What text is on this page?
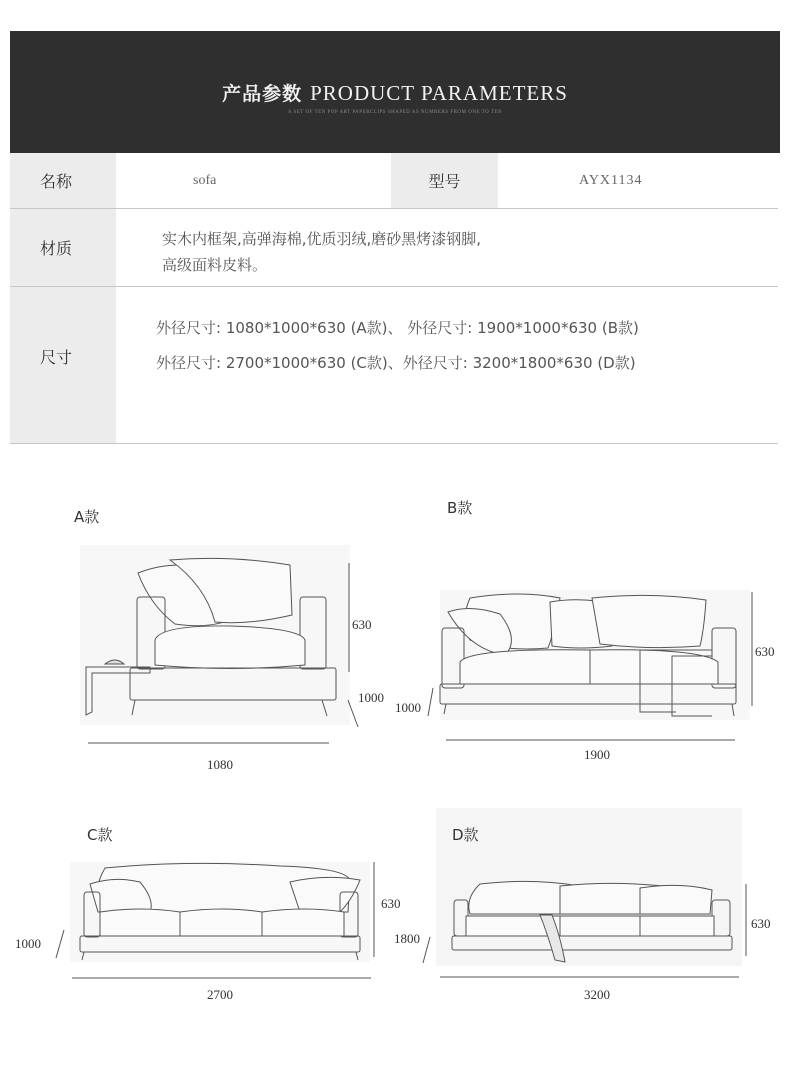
产品参数 PRODUCT PARAMETERS
A SET OF TEN POP ART PAPERCLIPS SHAPED AS NUMBERS FROM ONE TO TEN
名称	sofa	型号	AYX1134
材质	实木内框架,高弹海棉,优质羽绒,磨砂黑烤漆钢脚,
高级面料皮料。
尺寸
外径尺寸: 1080*1000*630 (A款)、 外径尺寸: 1900*1000*630 (B款)
外径尺寸: 2700*1000*630 (C款)、外径尺寸: 3200*1800*630 (D款)
A款
630
1000
1080
B款
630
1000
1900
C款
630
1000
2700
D款
630
1800
3200
